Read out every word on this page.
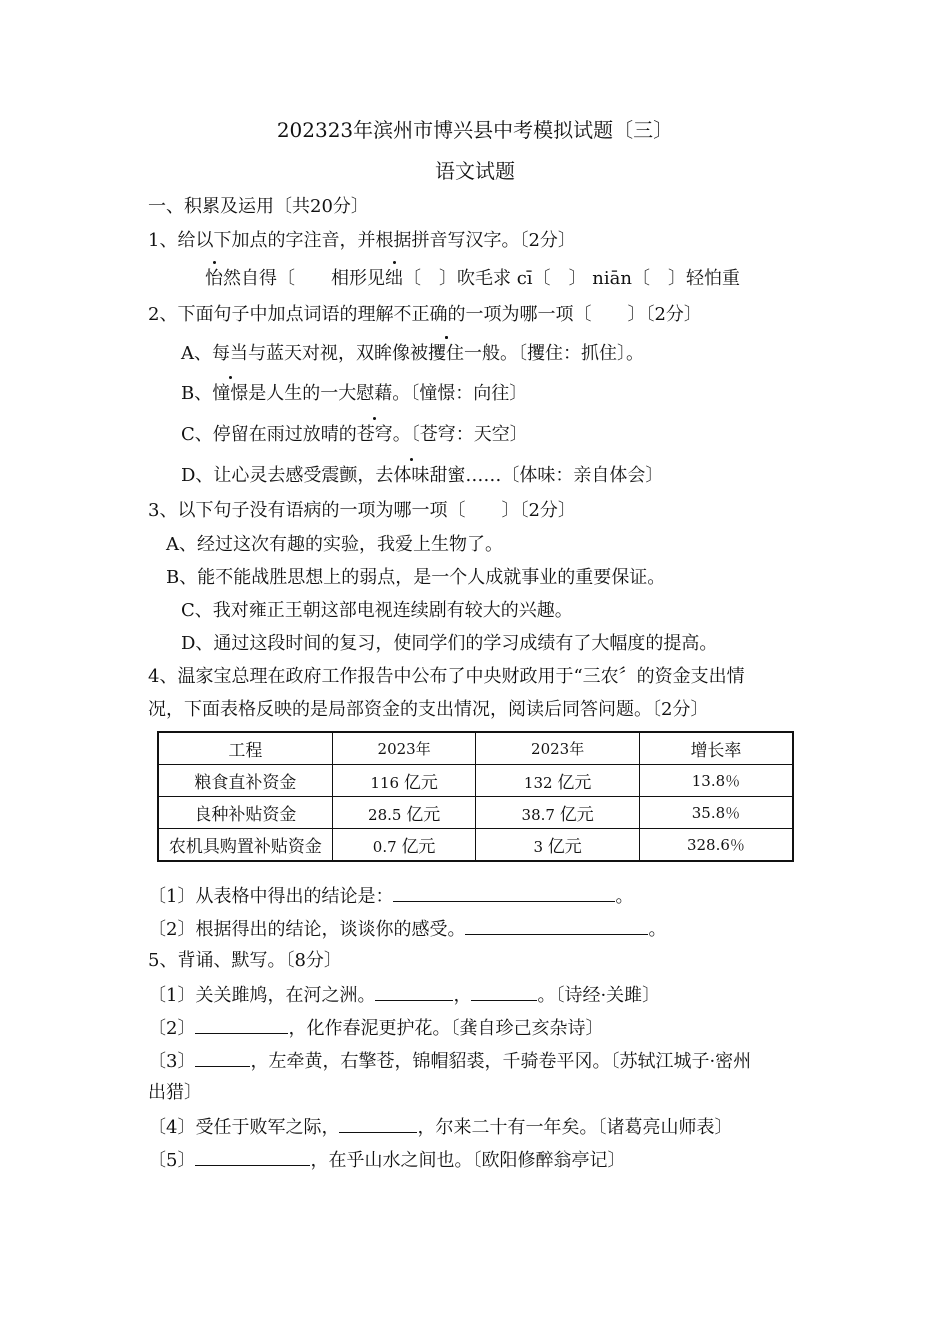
202323年滨州市博兴县中考模拟试题〔三〕
语文试题
一、积累及运用〔共20分〕
1、给以下加点的字注音，并根据拼音写汉字。〔2分〕
怡然自得〔 相形见绌〔 〕吹毛求 cī〔 〕 niān〔 〕轻怕重
2、下面句子中加点词语的理解不正确的一项为哪一项〔　　〕〔2分〕
A、每当与蓝天对视，双眸像被攫住一般。〔攫住：抓住〕。
B、憧憬是人生的一大慰藉。〔憧憬：向往〕
C、停留在雨过放晴的苍穹。〔苍穹：天空〕
D、让心灵去感受震颤，去体味甜蜜……〔体味：亲自体会〕
3、以下句子没有语病的一项为哪一项〔　　〕〔2分〕
A、经过这次有趣的实验，我爱上生物了。
B、能不能战胜思想上的弱点，是一个人成就事业的重要保证。
C、我对雍正王朝这部电视连续剧有较大的兴趣。
D、通过这段时间的复习，使同学们的学习成绩有了大幅度的提高。
4、温家宝总理在政府工作报告中公布了中央财政用于“三农〞的资金支出情
况，下面表格反映的是局部资金的支出情况，阅读后同答问题。〔2分〕
工程	2023年	2023年	增长率
粮食直补资金	116 亿元	132 亿元	13.8％
良种补贴资金	28.5 亿元	38.7 亿元	35.8％
农机具购置补贴资金	0.7 亿元	3 亿元	328.6％
〔1〕从表格中得出的结论是：	。
〔2〕根据得出的结论，谈谈你的感受。	。
5、背诵、默写。〔8分〕
〔1〕关关雎鸠，在河之洲。	，	。〔诗经·关雎〕
〔2〕	，化作春泥更护花。〔龚自珍己亥杂诗〕
〔3〕	，左牵黄，右擎苍，锦帽貂裘，千骑卷平冈。〔苏轼江城子·密州
出猎〕
〔4〕受任于败军之际，	，尔来二十有一年矣。〔诸葛亮山师表〕
〔5〕	，在乎山水之间也。〔欧阳修醉翁亭记〕
